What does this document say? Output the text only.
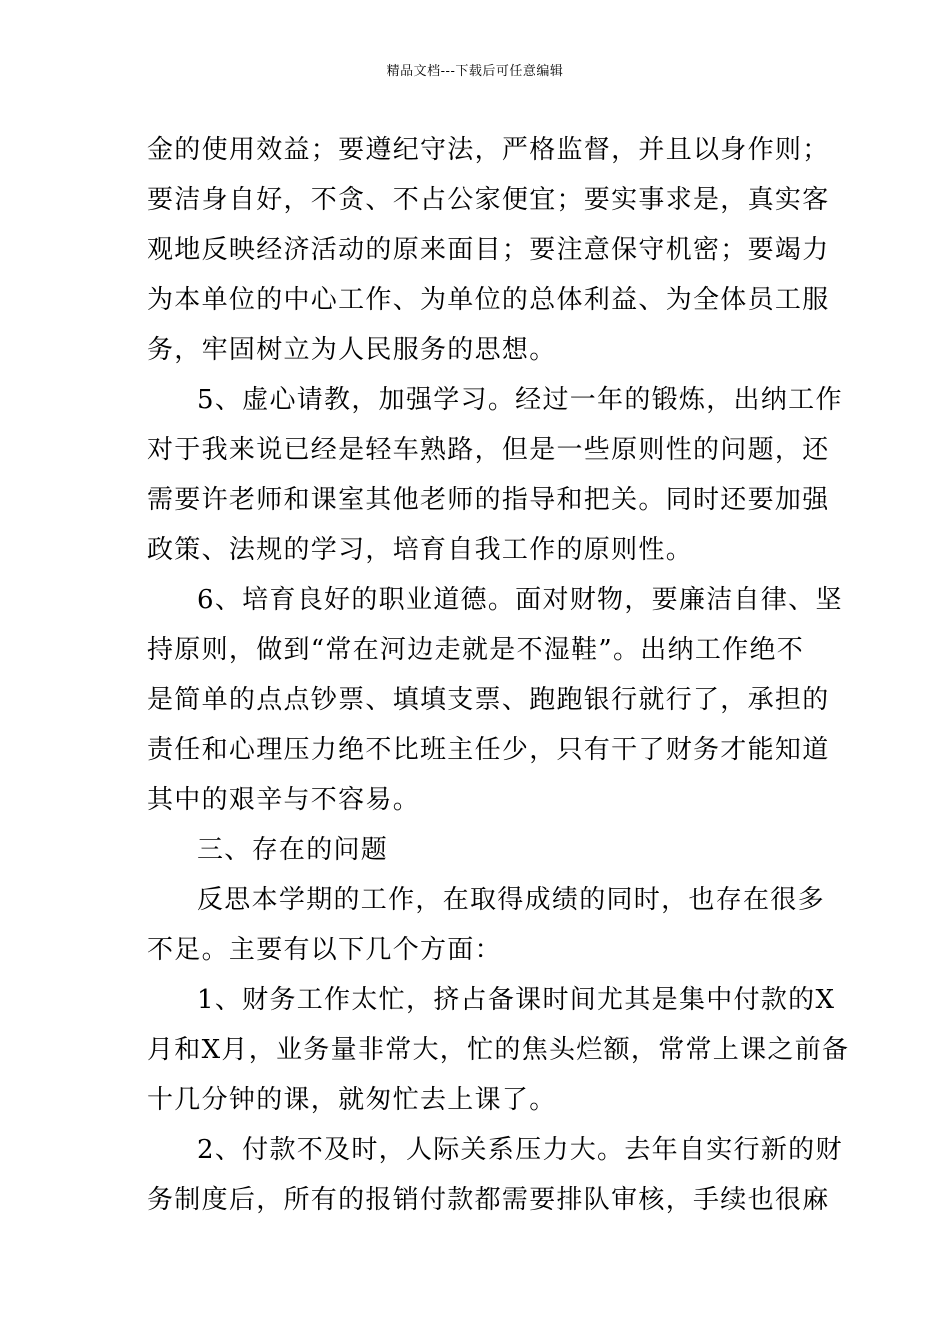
精品文档---下载后可任意编辑
金的使用效益；要遵纪守法，严格监督，并且以身作则；
要洁身自好，不贪、不占公家便宜；要实事求是，真实客
观地反映经济活动的原来面目；要注意保守机密；要竭力
为本单位的中心工作、为单位的总体利益、为全体员工服
务，牢固树立为人民服务的思想。
5、虚心请教，加强学习。经过一年的锻炼，出纳工作
对于我来说已经是轻车熟路，但是一些原则性的问题，还
需要许老师和课室其他老师的指导和把关。同时还要加强
政策、法规的学习，培育自我工作的原则性。
6、培育良好的职业道德。面对财物，要廉洁自律、坚
持原则，做到“常在河边走就是不湿鞋”。出纳工作绝不
是简单的点点钞票、填填支票、跑跑银行就行了，承担的
责任和心理压力绝不比班主任少，只有干了财务才能知道
其中的艰辛与不容易。
三、存在的问题
反思本学期的工作，在取得成绩的同时，也存在很多
不足。主要有以下几个方面：
1、财务工作太忙，挤占备课时间尤其是集中付款的X
月和X月，业务量非常大，忙的焦头烂额，常常上课之前备
十几分钟的课，就匆忙去上课了。
2、付款不及时，人际关系压力大。去年自实行新的财
务制度后，所有的报销付款都需要排队审核，手续也很麻
